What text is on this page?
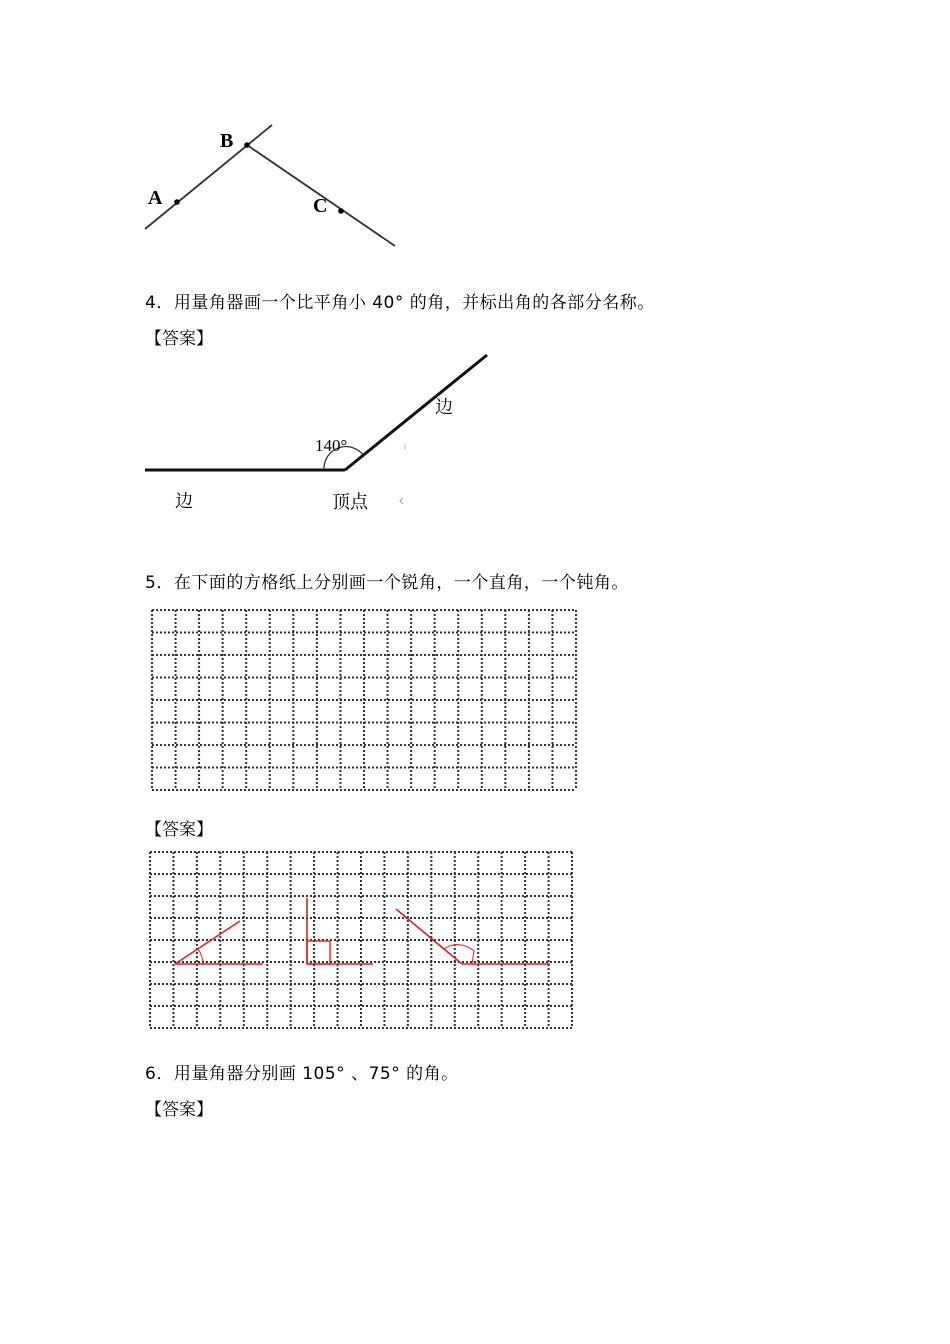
A
B
C
4．用量角器画一个比平角小 40° 的角，并标出角的各部分名称。
【答案】
140°
边
边	顶点
5．在下面的方格纸上分别画一个锐角，一个直角，一个钝角。
【答案】
6．用量角器分别画 105° 、75° 的角。
【答案】
